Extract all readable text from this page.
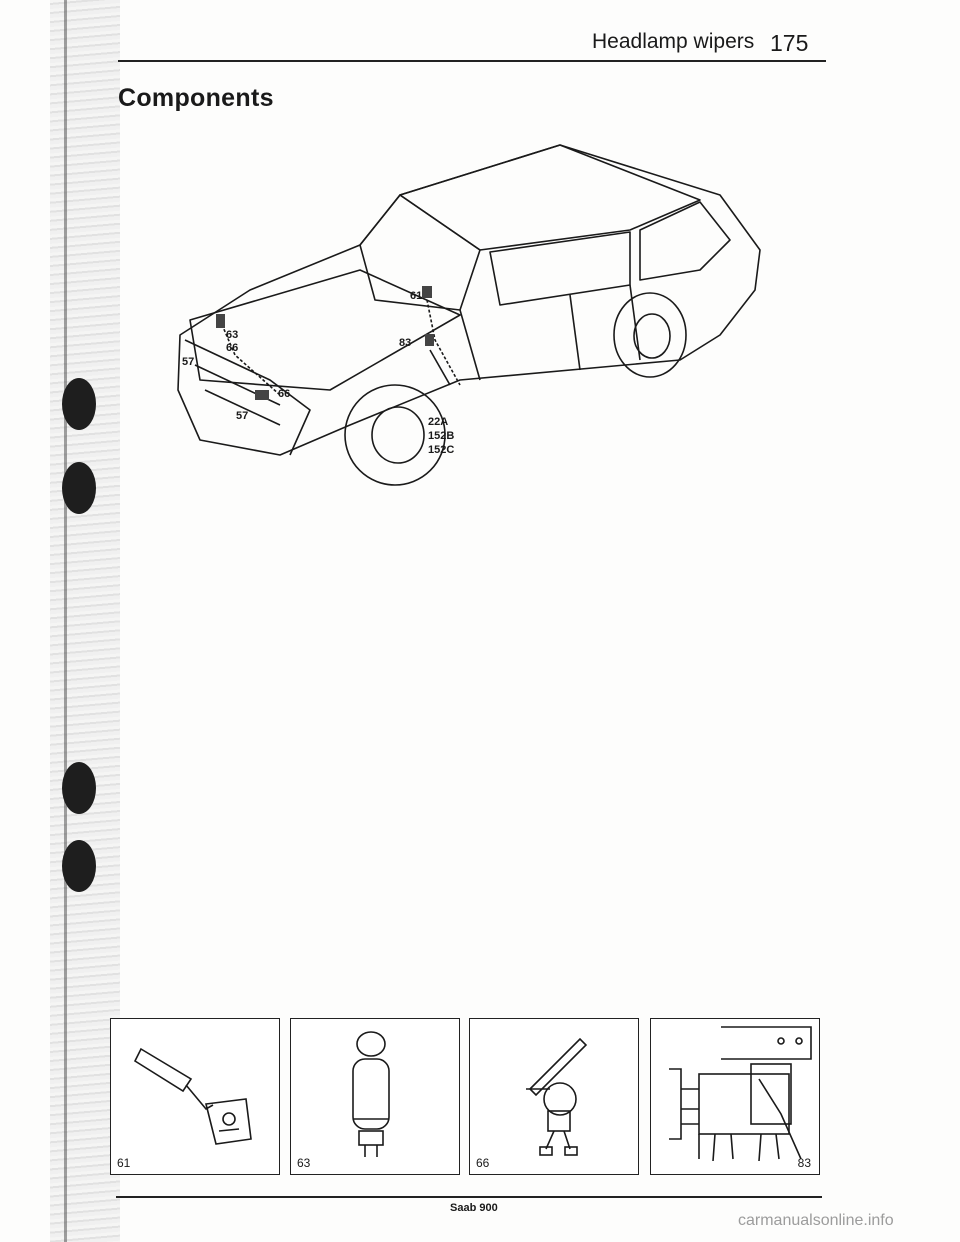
Headlamp wipers 175
Components
61
83
63
66
57
66
57	22A
152B
152C
61	63	66	83
Saab 900
carmanualsonline.info
